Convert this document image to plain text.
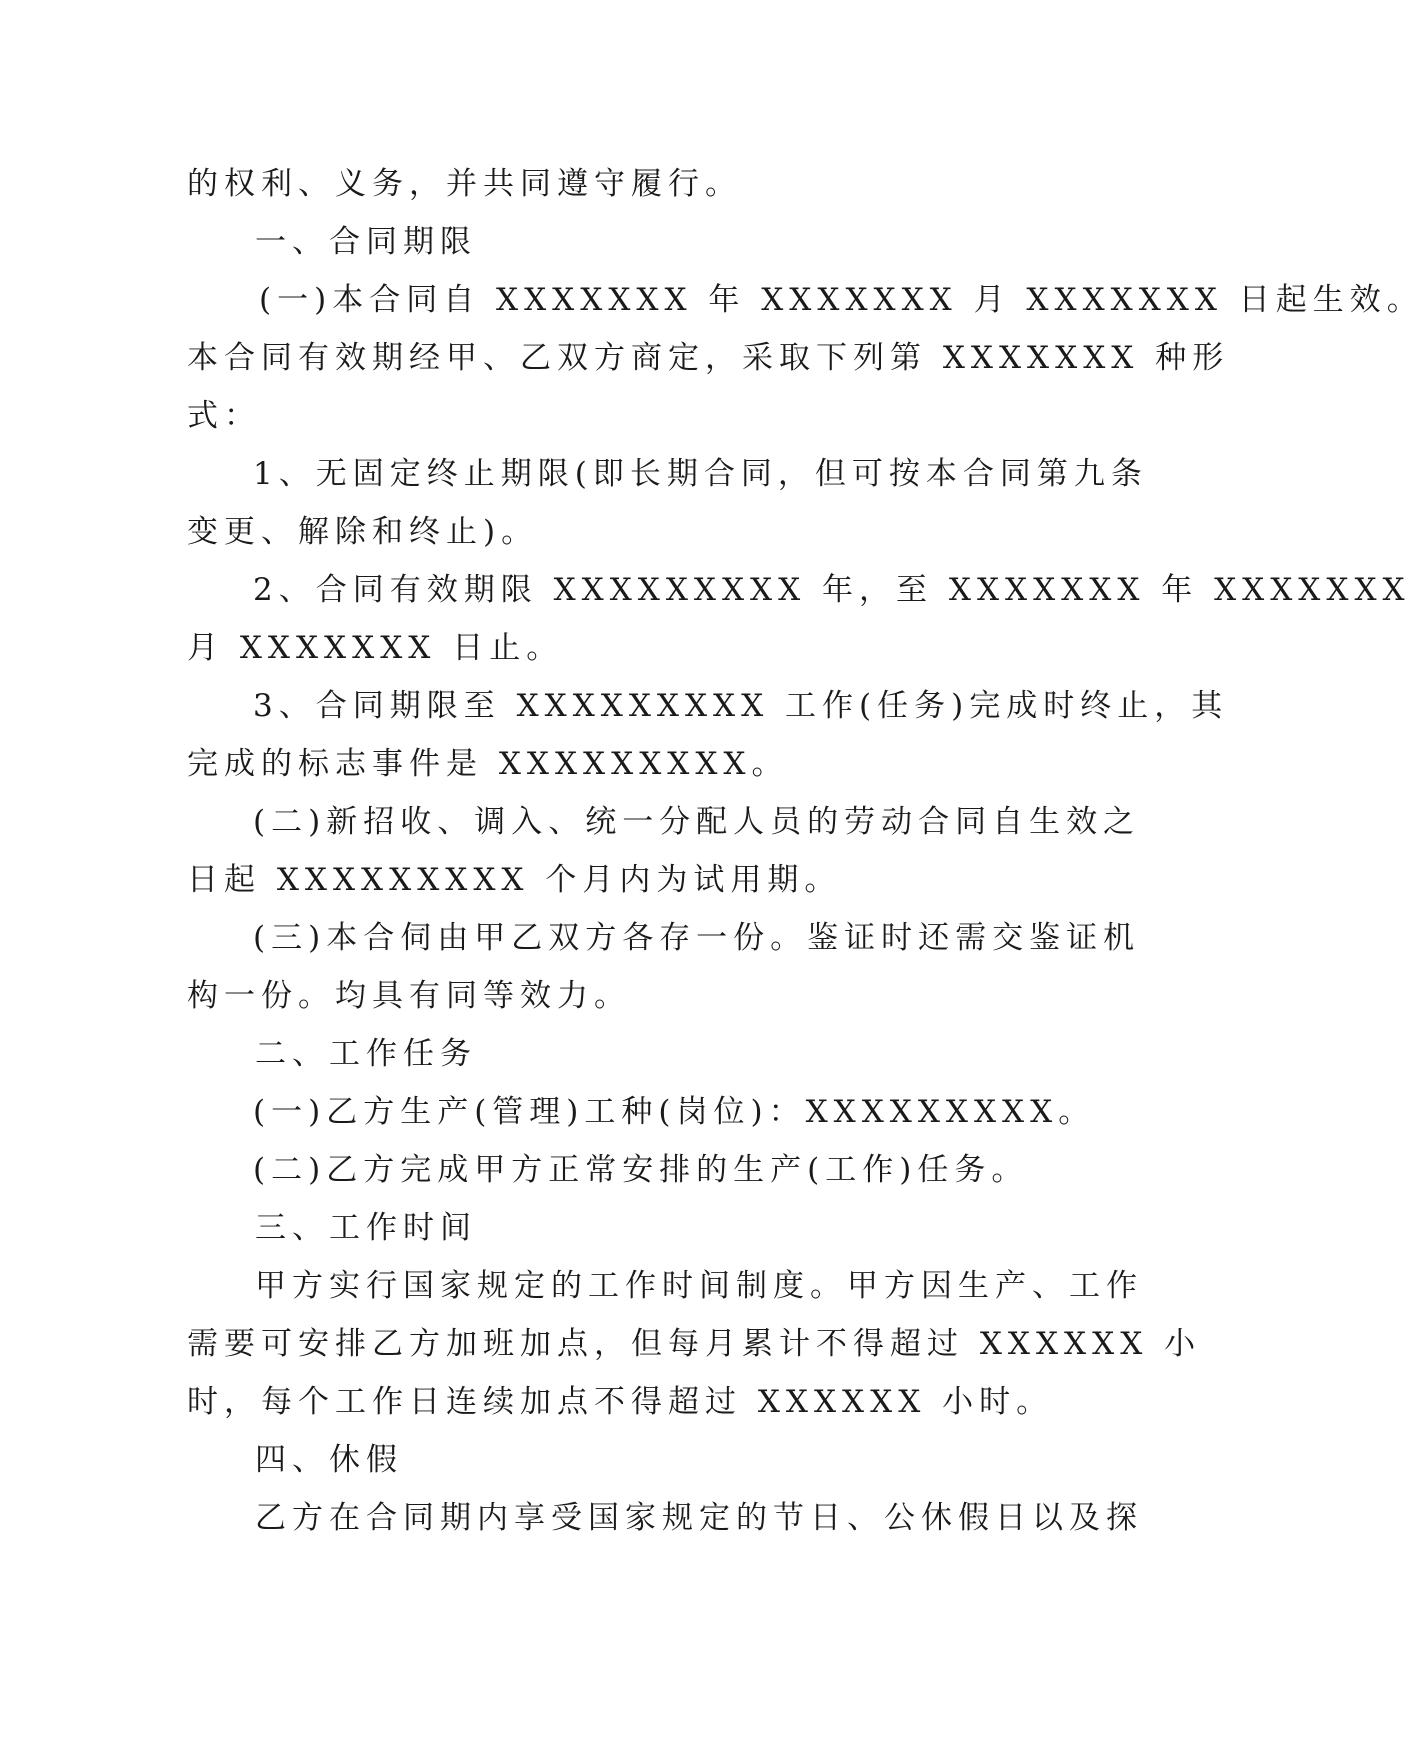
的权利、义务，并共同遵守履行。
一、合同期限
(一)本合同自 XXXXXXX 年 XXXXXXX 月 XXXXXXX 日起生效。
本合同有效期经甲、乙双方商定，采取下列第 XXXXXXX 种形
式：
1、无固定终止期限(即长期合同，但可按本合同第九条
变更、解除和终止)。
2、合同有效期限 XXXXXXXXX 年，至 XXXXXXX 年 XXXXXXX
月 XXXXXXX 日止。
3、合同期限至 XXXXXXXXX 工作(任务)完成时终止，其
完成的标志事件是 XXXXXXXXX。
(二)新招收、调入、统一分配人员的劳动合同自生效之
日起 XXXXXXXXX 个月内为试用期。
(三)本合伺由甲乙双方各存一份。鉴证时还需交鉴证机
构一份。均具有同等效力。
二、工作任务
(一)乙方生产(管理)工种(岗位)：XXXXXXXXX。
(二)乙方完成甲方正常安排的生产(工作)任务。
三、工作时间
甲方实行国家规定的工作时间制度。甲方因生产、工作
需要可安排乙方加班加点，但每月累计不得超过 XXXXXX 小
时，每个工作日连续加点不得超过 XXXXXX 小时。
四、休假
乙方在合同期内享受国家规定的节日、公休假日以及探
